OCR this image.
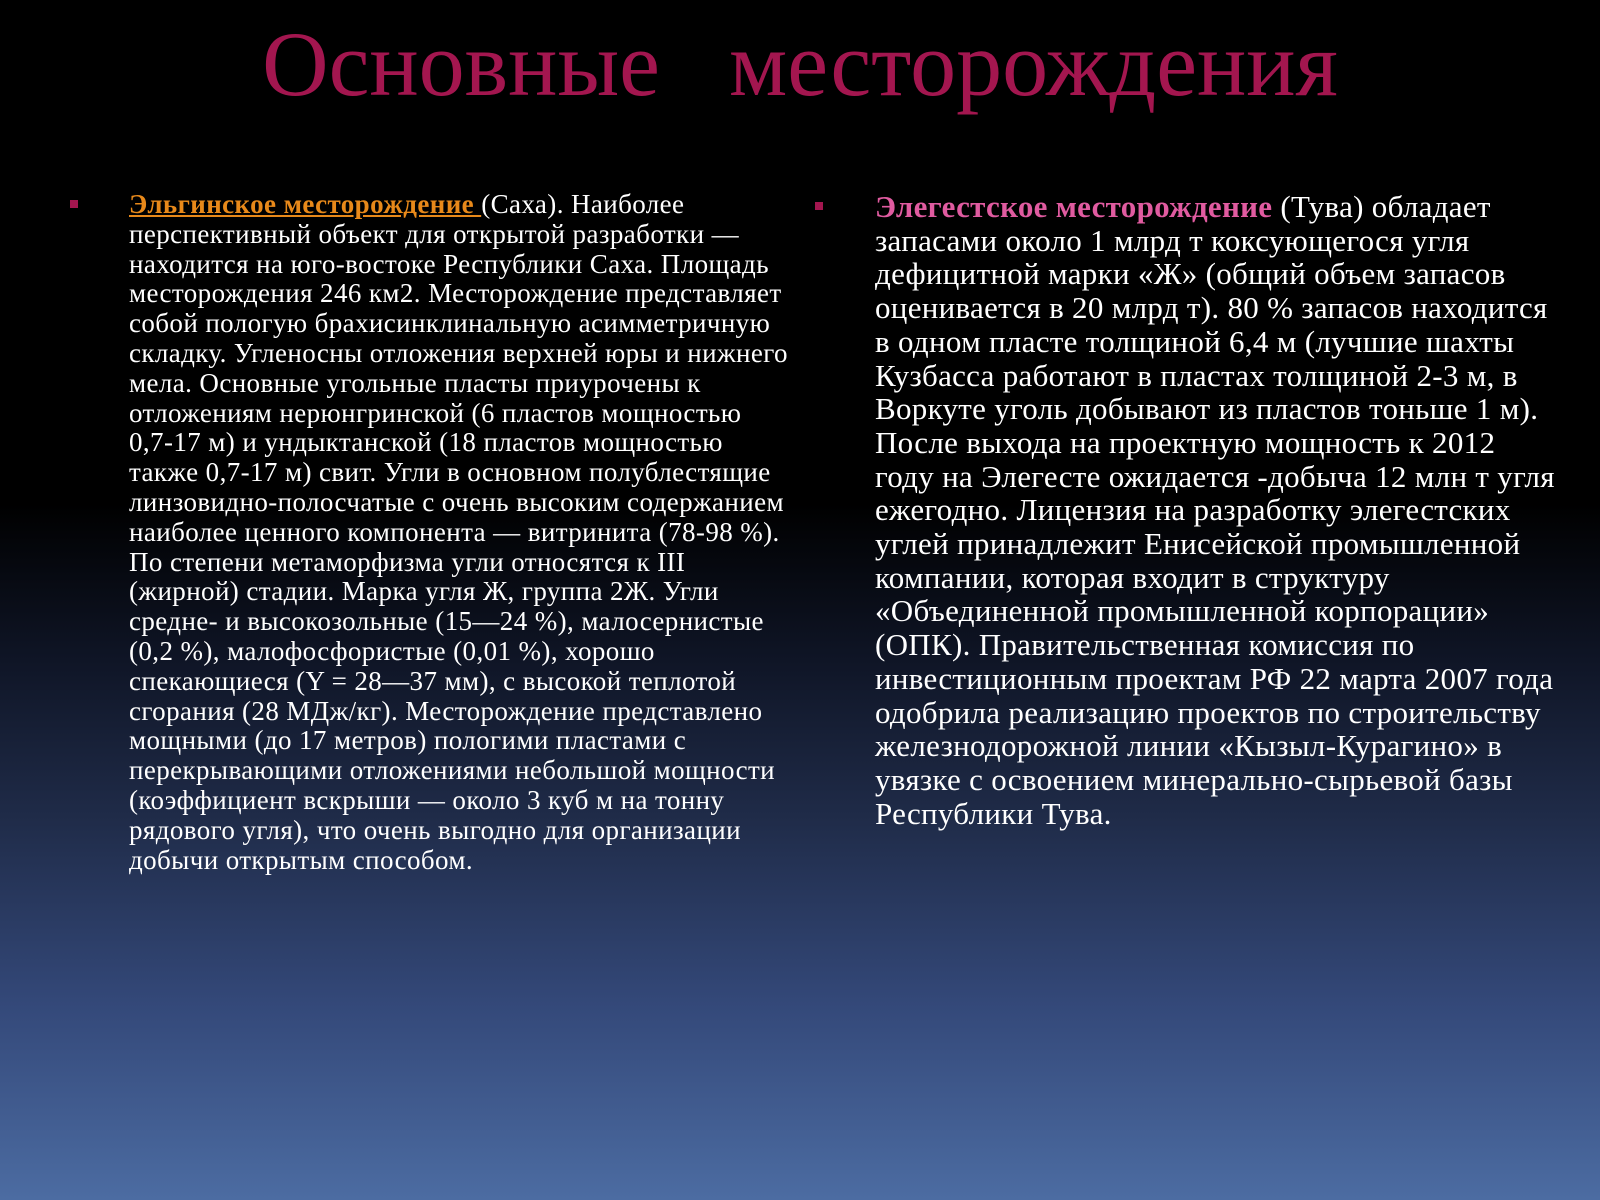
Основные   месторождения

Эльгинское месторождение (Саха). Наиболее перспективный объект для открытой разработки — находится на юго-востоке Республики Саха. Площадь месторождения 246 км2. Месторождение представляет собой пологую брахисинклинальную асимметричную складку. Угленосны отложения верхней юры и нижнего мела. Основные угольные пласты приурочены к отложениям нерюнгринской (6 пластов мощностью 0,7-17 м) и ундыктанской (18 пластов мощностью также 0,7-17 м) свит. Угли в основном полублестящие линзовидно-полосчатые с очень высоким содержанием наиболее ценного компонента — витринита (78-98 %). По степени метаморфизма угли относятся к III (жирной) стадии. Марка угля Ж, группа 2Ж. Угли средне- и высокозольные (15—24 %), малосернистые (0,2 %), малофосфористые (0,01 %), хорошо спекающиеся (Y = 28—37 мм), с высокой теплотой сгорания (28 МДж/кг). Месторождение представлено мощными (до 17 метров) пологими пластами с перекрывающими отложениями небольшой мощности (коэффициент вскрыши — около 3 куб м на тонну рядового угля), что очень выгодно для организации добычи открытым способом.

Элегестское месторождение (Тува) обладает запасами около 1 млрд т коксующегося угля дефицитной марки «Ж» (общий объем запасов оценивается в 20 млрд т). 80 % запасов находится в одном пласте толщиной 6,4 м (лучшие шахты Кузбасса работают в пластах толщиной 2-3 м, в Воркуте уголь добывают из пластов тоньше 1 м). После выхода на проектную мощность к 2012 году на Элегесте ожидается -добыча 12 млн т угля ежегодно. Лицензия на разработку элегестских углей принадлежит Енисейской промышленной компании, которая входит в структуру «Объединенной промышленной корпорации» (ОПК). Правительственная комиссия по инвестиционным проектам РФ 22 марта 2007 года одобрила реализацию проектов по строительству железнодорожной линии «Кызыл-Курагино» в увязке с освоением минерально-сырьевой базы Республики Тува.
